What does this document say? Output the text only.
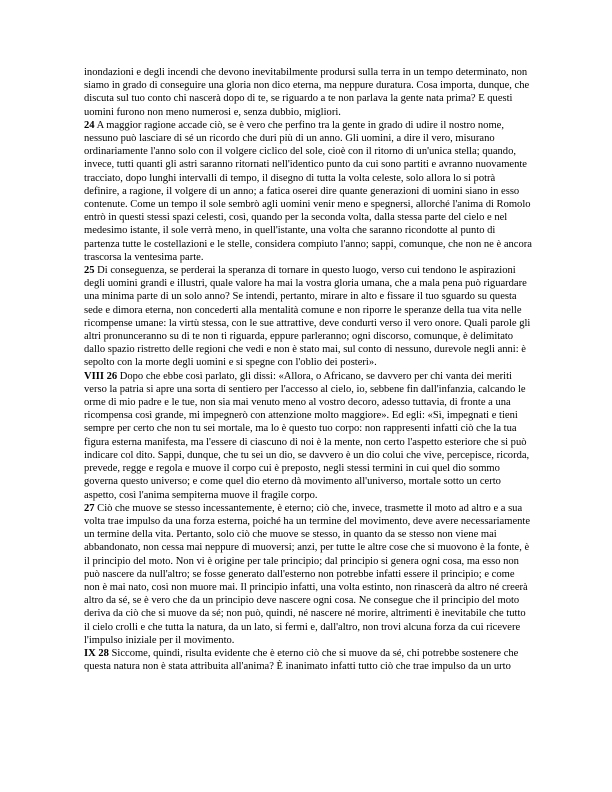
inondazioni e degli incendi che devono inevitabilmente prodursi sulla terra in un tempo determinato, non siamo in grado di conseguire una gloria non dico eterna, ma neppure duratura. Cosa importa, dunque, che discuta sul tuo conto chi nascerà dopo di te, se riguardo a te non parlava la gente nata prima? E questi uomini furono non meno numerosi e, senza dubbio, migliori.

24 A maggior ragione accade ciò, se è vero che perfino tra la gente in grado di udire il nostro nome, nessuno può lasciare di sé un ricordo che duri più di un anno. Gli uomini, a dire il vero, misurano ordinariamente l'anno solo con il volgere ciclico del sole, cioè con il ritorno di un'unica stella; quando, invece, tutti quanti gli astri saranno ritornati nell'identico punto da cui sono partiti e avranno nuovamente tracciato, dopo lunghi intervalli di tempo, il disegno di tutta la volta celeste, solo allora lo si potrà definire, a ragione, il volgere di un anno; a fatica oserei dire quante generazioni di uomini siano in esso contenute. Come un tempo il sole sembrò agli uomini venir meno e spegnersi, allorché l'anima di Romolo entrò in questi stessi spazi celesti, così, quando per la seconda volta, dalla stessa parte del cielo e nel medesimo istante, il sole verrà meno, in quell'istante, una volta che saranno ricondotte al punto di partenza tutte le costellazioni e le stelle, considera compiuto l'anno; sappi, comunque, che non ne è ancora trascorsa la ventesima parte.

25 Di conseguenza, se perderai la speranza di tornare in questo luogo, verso cui tendono le aspirazioni degli uomini grandi e illustri, quale valore ha mai la vostra gloria umana, che a mala pena può riguardare una minima parte di un solo anno? Se intendi, pertanto, mirare in alto e fissare il tuo sguardo su questa sede e dimora eterna, non concederti alla mentalità comune e non riporre le speranze della tua vita nelle ricompense umane: la virtù stessa, con le sue attrattive, deve condurti verso il vero onore. Quali parole gli altri pronunceranno su di te non ti riguarda, eppure parleranno; ogni discorso, comunque, è delimitato dallo spazio ristretto delle regioni che vedi e non è stato mai, sul conto di nessuno, durevole negli anni: è sepolto con la morte degli uomini e si spegne con l'oblio dei posteri».

VIII 26 Dopo che ebbe così parlato, gli dissi: «Allora, o Africano, se davvero per chi vanta dei meriti verso la patria si apre una sorta di sentiero per l'accesso al cielo, io, sebbene fin dall'infanzia, calcando le orme di mio padre e le tue, non sia mai venuto meno al vostro decoro, adesso tuttavia, di fronte a una ricompensa così grande, mi impegnerò con attenzione molto maggiore». Ed egli: «Sì, impegnati e tieni sempre per certo che non tu sei mortale, ma lo è questo tuo corpo: non rappresenti infatti ciò che la tua figura esterna manifesta, ma l'essere di ciascuno di noi è la mente, non certo l'aspetto esteriore che si può indicare col dito. Sappi, dunque, che tu sei un dio, se davvero è un dio colui che vive, percepisce, ricorda, prevede, regge e regola e muove il corpo cui è preposto, negli stessi termini in cui quel dio sommo governa questo universo; e come quel dio eterno dà movimento all'universo, mortale sotto un certo aspetto, così l'anima sempiterna muove il fragile corpo.

27 Ciò che muove se stesso incessantemente, è eterno; ciò che, invece, trasmette il moto ad altro e a sua volta trae impulso da una forza esterna, poiché ha un termine del movimento, deve avere necessariamente un termine della vita. Pertanto, solo ciò che muove se stesso, in quanto da se stesso non viene mai abbandonato, non cessa mai neppure di muoversi; anzi, per tutte le altre cose che si muovono è la fonte, è il principio del moto. Non vi è origine per tale principio; dal principio si genera ogni cosa, ma esso non può nascere da null'altro; se fosse generato dall'esterno non potrebbe infatti essere il principio; e come non è mai nato, così non muore mai. Il principio infatti, una volta estinto, non rinascerà da altro né creerà altro da sé, se è vero che da un principio deve nascere ogni cosa. Ne consegue che il principio del moto deriva da ciò che si muove da sé; non può, quindi, né nascere né morire, altrimenti è inevitabile che tutto il cielo crolli e che tutta la natura, da un lato, si fermi e, dall'altro, non trovi alcuna forza da cui ricevere l'impulso iniziale per il movimento.

IX 28 Siccome, quindi, risulta evidente che è eterno ciò che si muove da sé, chi potrebbe sostenere che questa natura non è stata attribuita all'anima? È inanimato infatti tutto ciò che trae impulso da un urto
